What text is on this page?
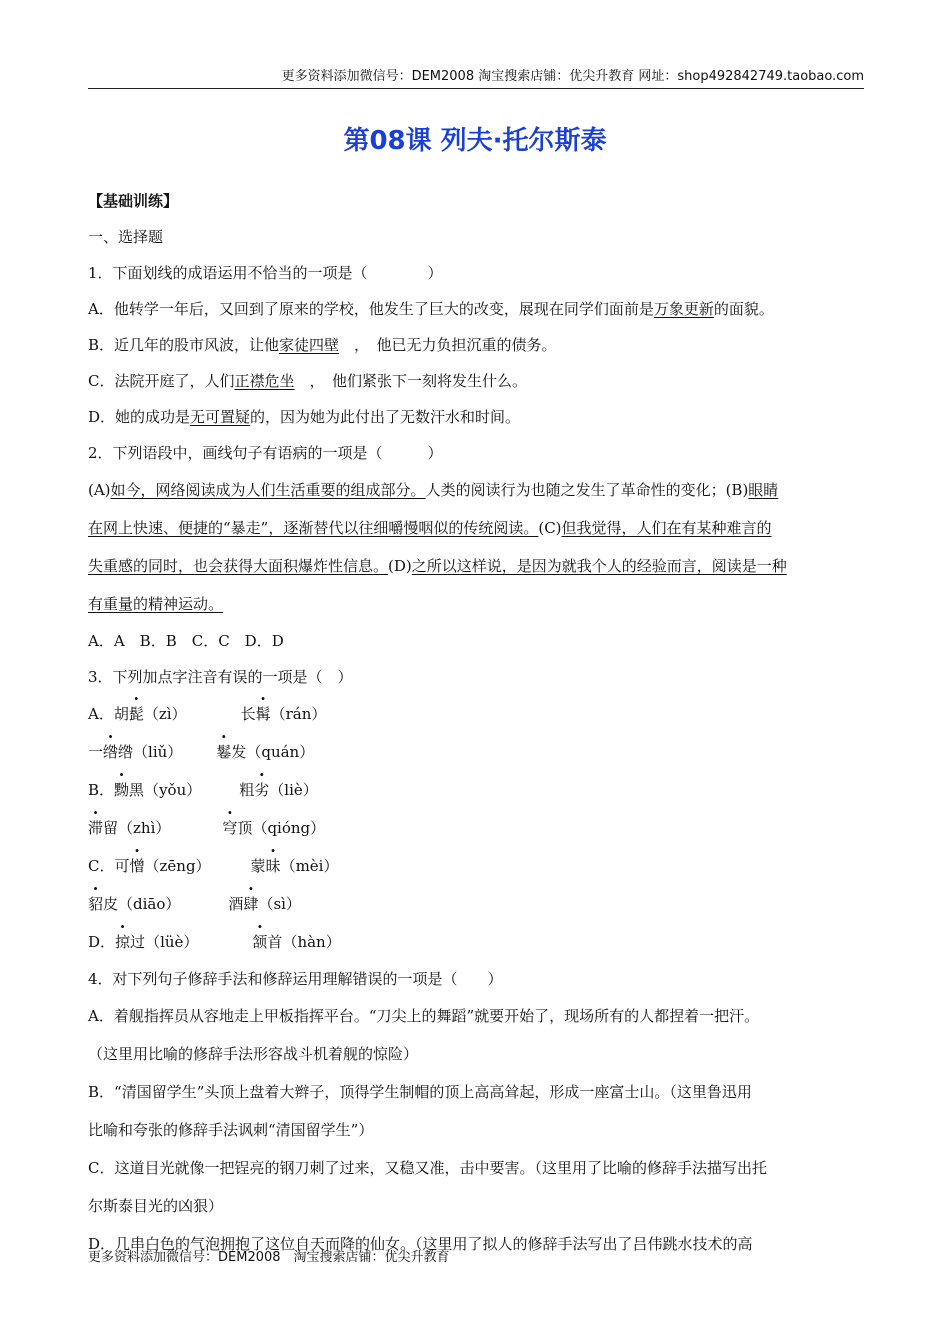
更多资料添加微信号：DEM2008 淘宝搜索店铺：优尖升教育 网址：shop492842749.taobao.com
第08课 列夫·托尔斯泰
【基础训练】
一、选择题
1．下面划线的成语运用不恰当的一项是（　　　　）
A．他转学一年后，又回到了原来的学校，他发生了巨大的改变，展现在同学们面前是万象更新的面貌。
B．近几年的股市风波，让他家徒四壁　，　他已无力负担沉重的债务。
C．法院开庭了，人们正襟危坐　，　他们紧张下一刻将发生什么。
D．她的成功是无可置疑的，因为她为此付出了无数汗水和时间。
2．下列语段中，画线句子有语病的一项是（　　　）
(A)如今，网络阅读成为人们生活重要的组成部分。人类的阅读行为也随之发生了革命性的变化；(B)眼睛
在网上快速、便捷的“暴走”，逐渐替代以往细嚼慢咽似的传统阅读。(C)但我觉得，人们在有某种难言的
失重感的同时，也会获得大面积爆炸性信息。(D)之所以这样说，是因为就我个人的经验而言，阅读是一种
有重量的精神运动。
A．A　B．B　C．C　D．D
3．下列加点字注音有误的一项是（　）
A．胡髭（zì）	长髯（rán）
一绺绺（liǔ） 鬈发（quán）
B．黝黑（yǒu）	粗劣（liè）
滞留（zhì）	穹顶（qióng）
C．可憎（zēng）	蒙昧（mèi）
貂皮（diāo）	酒肆（sì）
D．掠过（lüè）	颔首（hàn）
4．对下列句子修辞手法和修辞运用理解错误的一项是（　　）
A．着舰指挥员从容地走上甲板指挥平台。“刀尖上的舞蹈”就要开始了，现场所有的人都捏着一把汗。
（这里用比喻的修辞手法形容战斗机着舰的惊险）
B．“清国留学生”头顶上盘着大辫子，顶得学生制帽的顶上高高耸起，形成一座富士山。（这里鲁迅用
比喻和夸张的修辞手法讽刺“清国留学生”）
C．这道目光就像一把锃亮的钢刀刺了过来，又稳又准，击中要害。（这里用了比喻的修辞手法描写出托
尔斯泰目光的凶狠）
D．几串白色的气泡拥抱了这位自天而降的仙女。（这里用了拟人的修辞手法写出了吕伟跳水技术的高
更多资料添加微信号：DEM2008　淘宝搜索店铺：优尖升教育
